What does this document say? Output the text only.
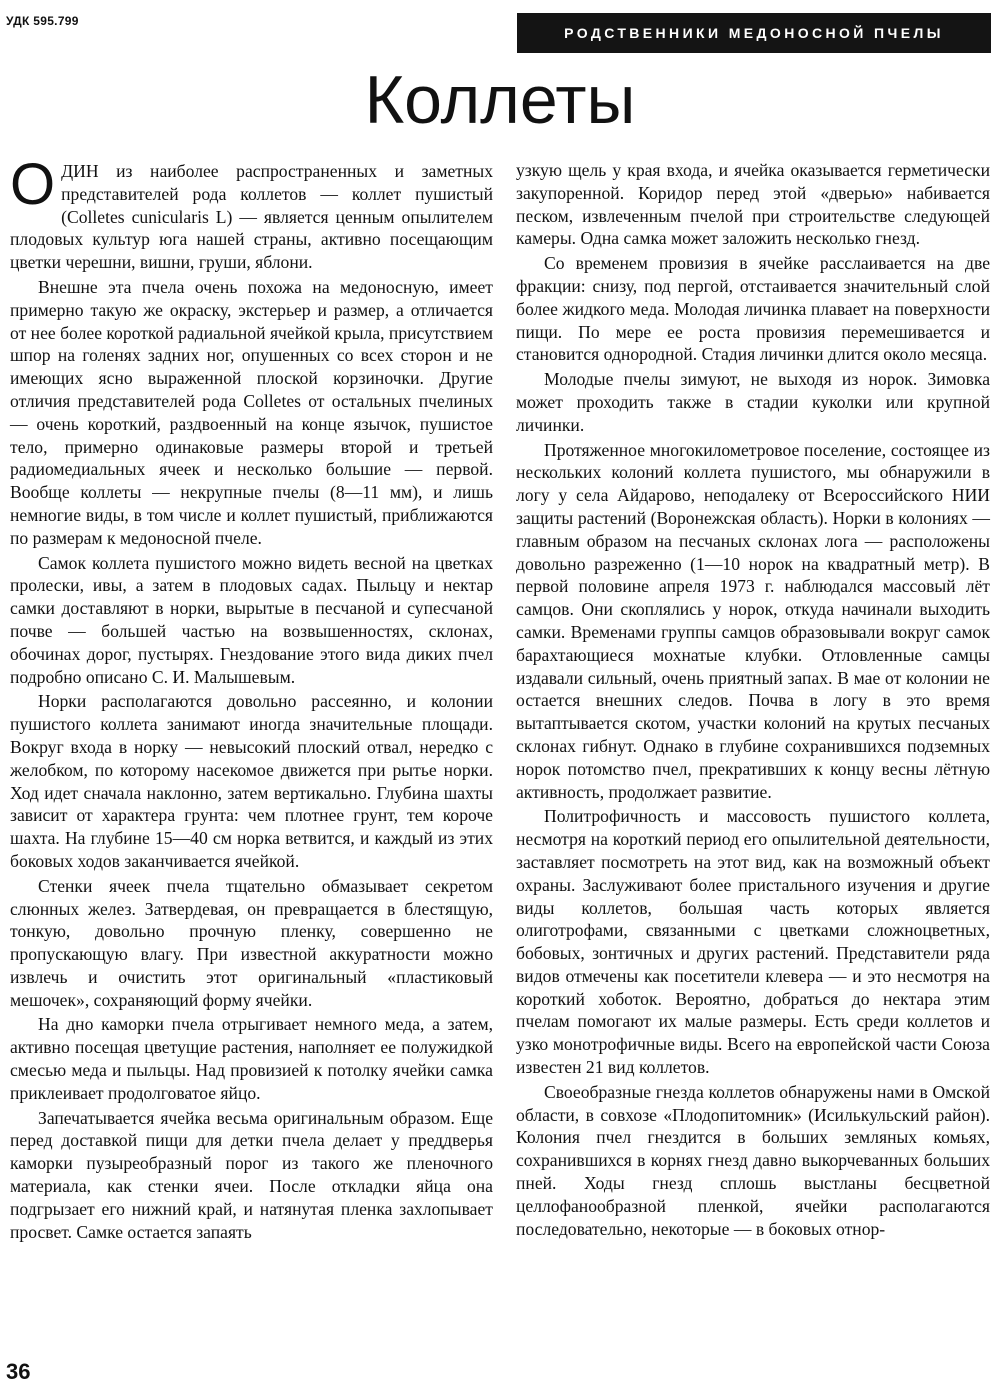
УДК 595.799
РОДСТВЕННИКИ МЕДОНОСНОЙ ПЧЕЛЫ
Коллеты

ОДИН из наиболее распространенных и заметных представителей рода коллетов — коллет пушистый (Colletes cunicularis L) — является ценным опылителем плодовых культур юга нашей страны, активно посещающим цветки черешни, вишни, груши, яблони.

Внешне эта пчела очень похожа на медоносную, имеет примерно такую же окраску, экстерьер и размер, а отличается от нее более короткой радиальной ячейкой крыла, присутствием шпор на голенях задних ног, опушенных со всех сторон и не имеющих ясно выраженной плоской корзиночки. Другие отличия представителей рода Colletes от остальных пчелиных — очень короткий, раздвоенный на конце язычок, пушистое тело, примерно одинаковые размеры второй и третьей радиомедиальных ячеек и несколько большие — первой. Вообще коллеты — некрупные пчелы (8—11 мм), и лишь немногие виды, в том числе и коллет пушистый, приближаются по размерам к медоносной пчеле.

Самок коллета пушистого можно видеть весной на цветках пролески, ивы, а затем в плодовых садах. Пыльцу и нектар самки доставляют в норки, вырытые в песчаной и супесчаной почве — большей частью на возвышенностях, склонах, обочинах дорог, пустырях. Гнездование этого вида диких пчел подробно описано С. И. Малышевым.

Норки располагаются довольно рассеянно, и колонии пушистого коллета занимают иногда значительные площади. Вокруг входа в норку — невысокий плоский отвал, нередко с желобком, по которому насекомое движется при рытье норки. Ход идет сначала наклонно, затем вертикально. Глубина шахты зависит от характера грунта: чем плотнее грунт, тем короче шахта. На глубине 15—40 см норка ветвится, и каждый из этих боковых ходов заканчивается ячейкой.

Стенки ячеек пчела тщательно обмазывает секретом слюнных желез. Затвердевая, он превращается в блестящую, тонкую, довольно прочную пленку, совершенно не пропускающую влагу. При известной аккуратности можно извлечь и очистить этот оригинальный «пластиковый мешочек», сохраняющий форму ячейки.

На дно каморки пчела отрыгивает немного меда, а затем, активно посещая цветущие растения, наполняет ее полужидкой смесью меда и пыльцы. Над провизией к потолку ячейки самка приклеивает продолговатое яйцо.

Запечатывается ячейка весьма оригинальным образом. Еще перед доставкой пищи для детки пчела делает у преддверья каморки пузыреобразный порог из такого же пленочного материала, как стенки ячеи. После откладки яйца она подгрызает его нижний край, и натянутая пленка захлопывает просвет. Самке остается запаять

узкую щель у края входа, и ячейка оказывается герметически закупоренной. Коридор перед этой «дверью» набивается песком, извлеченным пчелой при строительстве следующей камеры. Одна самка может заложить несколько гнезд.

Со временем провизия в ячейке расслаивается на две фракции: снизу, под пергой, отстаивается значительный слой более жидкого меда. Молодая личинка плавает на поверхности пищи. По мере ее роста провизия перемешивается и становится однородной. Стадия личинки длится около месяца.

Молодые пчелы зимуют, не выходя из норок. Зимовка может проходить также в стадии куколки или крупной личинки.

Протяженное многокилометровое поселение, состоящее из нескольких колоний коллета пушистого, мы обнаружили в логу у села Айдарово, неподалеку от Всероссийского НИИ защиты растений (Воронежская область). Норки в колониях — главным образом на песчаных склонах лога — расположены довольно разреженно (1—10 норок на квадратный метр). В первой половине апреля 1973 г. наблюдался массовый лёт самцов. Они скоплялись у норок, откуда начинали выходить самки. Временами группы самцов образовывали вокруг самок барахтающиеся мохнатые клубки. Отловленные самцы издавали сильный, очень приятный запах. В мае от колонии не остается внешних следов. Почва в логу в это время вытаптывается скотом, участки колоний на крутых песчаных склонах гибнут. Однако в глубине сохранившихся подземных норок потомство пчел, прекративших к концу весны лётную активность, продолжает развитие.

Политрофичность и массовость пушистого коллета, несмотря на короткий период его опылительной деятельности, заставляет посмотреть на этот вид, как на возможный объект охраны. Заслуживают более пристального изучения и другие виды коллетов, большая часть которых является олиготрофами, связанными с цветками сложноцветных, бобовых, зонтичных и других растений. Представители ряда видов отмечены как посетители клевера — и это несмотря на короткий хоботок. Вероятно, добраться до нектара этим пчелам помогают их малые размеры. Есть среди коллетов и узко монотрофичные виды. Всего на европейской части Союза известен 21 вид коллетов.

Своеобразные гнезда коллетов обнаружены нами в Омской области, в совхозе «Плодопитомник» (Исилькульский район). Колония пчел гнездится в больших земляных комьях, сохранившихся в корнях гнезд давно выкорчеванных больших пней. Ходы гнезд сплошь выстланы бесцветной целлофанообразной пленкой, ячейки располагаются последовательно, некоторые — в боковых отнор-

36
